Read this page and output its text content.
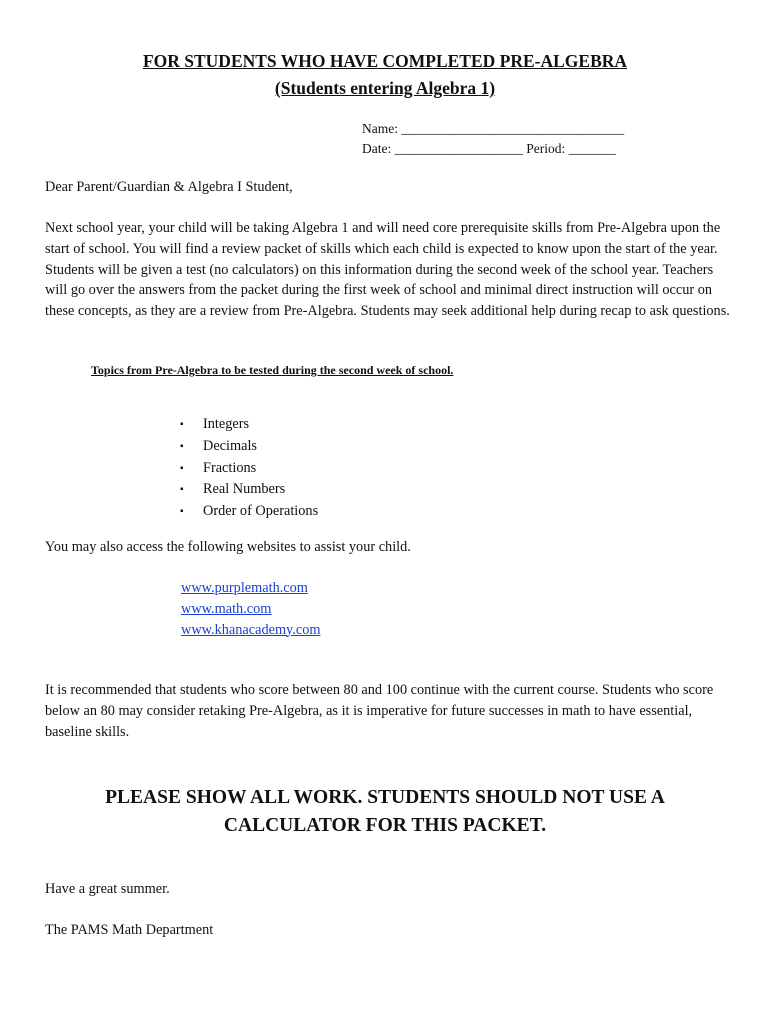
FOR STUDENTS WHO HAVE COMPLETED PRE-ALGEBRA
(Students entering Algebra 1)
Name: _________________________________
Date: ___________________ Period: _______

Dear Parent/Guardian & Algebra I Student,

Next school year, your child will be taking Algebra 1 and will need core prerequisite skills from Pre-Algebra upon the start of school. You will find a review packet of skills which each child is expected to know upon the start of the year. Students will be given a test (no calculators) on this information during the second week of the school year. Teachers will go over the answers from the packet during the first week of school and minimal direct instruction will occur on these concepts, as they are a review from Pre-Algebra. Students may seek additional help during recap to ask questions.

Topics from Pre-Algebra to be tested during the second week of school.

▪ Integers
▪ Decimals
▪ Fractions
▪ Real Numbers
▪ Order of Operations

You may also access the following websites to assist your child.

www.purplemath.com
www.math.com
www.khanacademy.com

It is recommended that students who score between 80 and 100 continue with the current course. Students who score below an 80 may consider retaking Pre-Algebra, as it is imperative for future successes in math to have essential, baseline skills.

PLEASE SHOW ALL WORK. STUDENTS SHOULD NOT USE A

CALCULATOR FOR THIS PACKET.

Have a great summer.

The PAMS Math Department
